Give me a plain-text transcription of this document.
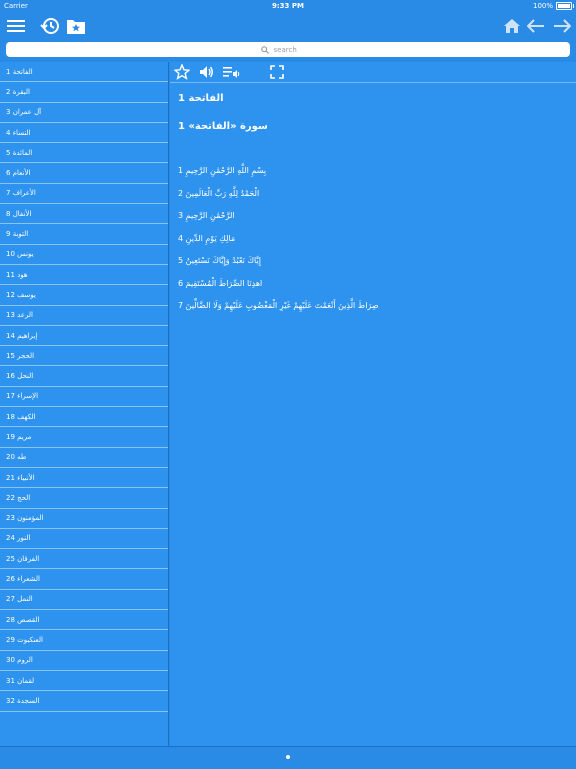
Carrier	9:33 PM	100%
search
1 الفاتحة
2 البقرة
3 آل عمران
4 النساء
5 المائدة
6 الأنعام
7 الأعراف
8 الأنفال
9 التوبة
10 يونس
11 هود
12 يوسف
13 الرعد
14 إبراهيم
15 الحجر
16 النحل
17 الإسراء
18 الكهف
19 مريم
20 طه
21 الأنبياء
22 الحج
23 المؤمنون
24 النور
25 الفرقان
26 الشعراء
27 النمل
28 القصص
29 العنكبوت
30 الروم
31 لقمان
32 السجدة
الفاتحة 1
سورة «الفاتحة» 1
بِسْمِ اللَّهِ الرَّحْمَٰنِ الرَّحِيمِ 1
الْحَمْدُ لِلَّهِ رَبِّ الْعَالَمِينَ 2
الرَّحْمَٰنِ الرَّحِيمِ 3
مَالِكِ يَوْمِ الدِّينِ 4
إِيَّاكَ نَعْبُدُ وَإِيَّاكَ نَسْتَعِينُ 5
اهدِنَا الصِّرَاطَ الْمُسْتَقِيمَ 6
صِرَاطَ الَّذِينَ أَنْعَمْتَ عَلَيْهِمْ غَيْرِ الْمَغْضُوبِ عَلَيْهِمْ وَلَا الضَّالِّينَ 7
